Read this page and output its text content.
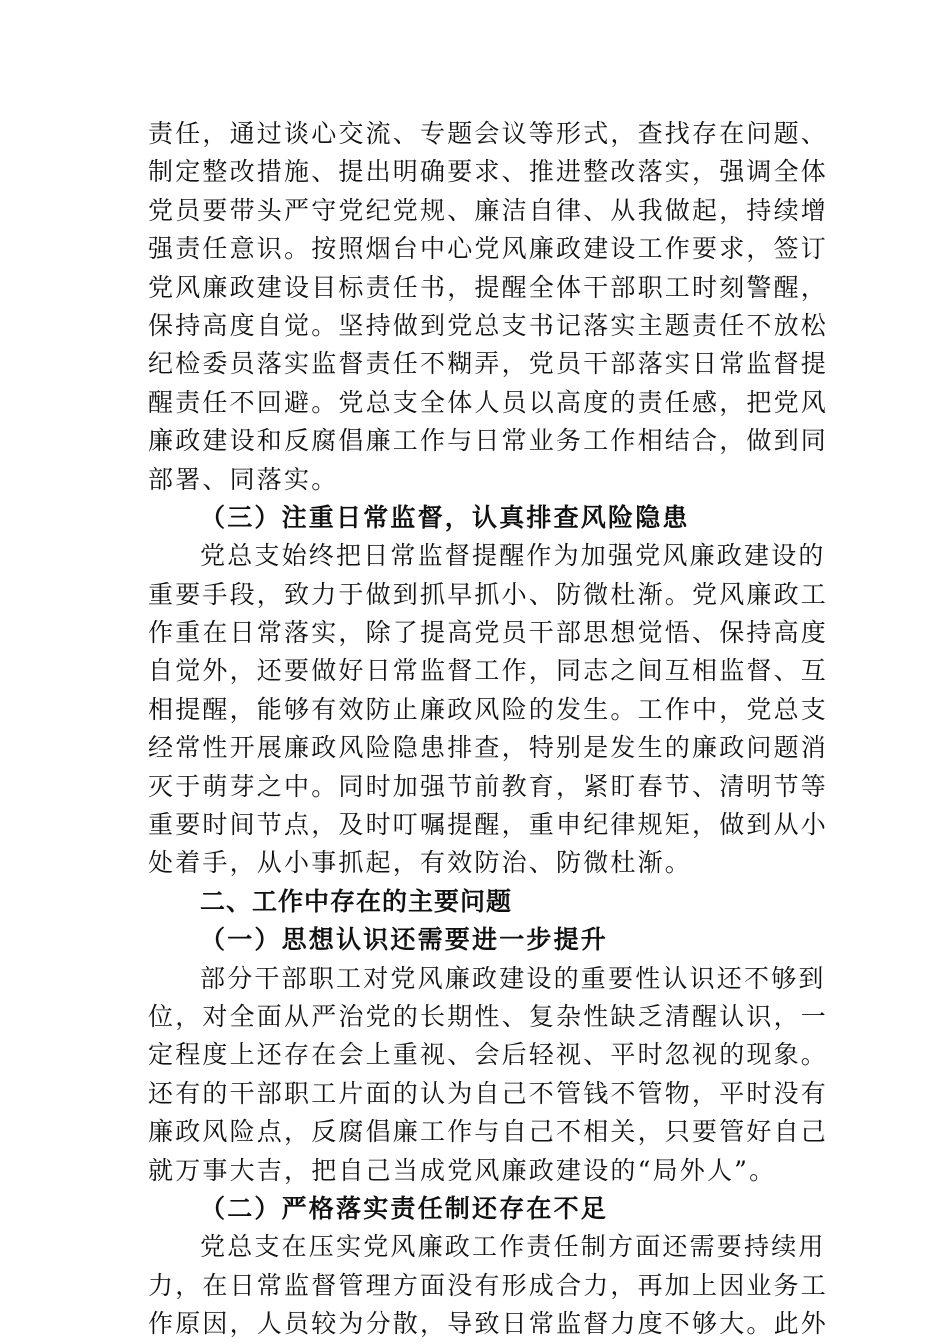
责任，通过谈心交流、专题会议等形式，查找存在问题、
制定整改措施、提出明确要求、推进整改落实，强调全体
党员要带头严守党纪党规、廉洁自律、从我做起，持续增
强责任意识。按照烟台中心党风廉政建设工作要求，签订
党风廉政建设目标责任书，提醒全体干部职工时刻警醒，
保持高度自觉。坚持做到党总支书记落实主题责任不放松
纪检委员落实监督责任不糊弄，党员干部落实日常监督提
醒责任不回避。党总支全体人员以高度的责任感，把党风
廉政建设和反腐倡廉工作与日常业务工作相结合，做到同
部署、同落实。
（三）注重日常监督，认真排查风险隐患
党总支始终把日常监督提醒作为加强党风廉政建设的
重要手段，致力于做到抓早抓小、防微杜渐。党风廉政工
作重在日常落实，除了提高党员干部思想觉悟、保持高度
自觉外，还要做好日常监督工作，同志之间互相监督、互
相提醒，能够有效防止廉政风险的发生。工作中，党总支
经常性开展廉政风险隐患排查，特别是发生的廉政问题消
灭于萌芽之中。同时加强节前教育，紧盯春节、清明节等
重要时间节点，及时叮嘱提醒，重申纪律规矩，做到从小
处着手，从小事抓起，有效防治、防微杜渐。
二、工作中存在的主要问题
（一）思想认识还需要进一步提升
部分干部职工对党风廉政建设的重要性认识还不够到
位，对全面从严治党的长期性、复杂性缺乏清醒认识，一
定程度上还存在会上重视、会后轻视、平时忽视的现象。
还有的干部职工片面的认为自己不管钱不管物，平时没有
廉政风险点，反腐倡廉工作与自己不相关，只要管好自己
就万事大吉，把自己当成党风廉政建设的“局外人”。
（二）严格落实责任制还存在不足
党总支在压实党风廉政工作责任制方面还需要持续用
力，在日常监督管理方面没有形成合力，再加上因业务工
作原因，人员较为分散，导致日常监督力度不够大。此外
